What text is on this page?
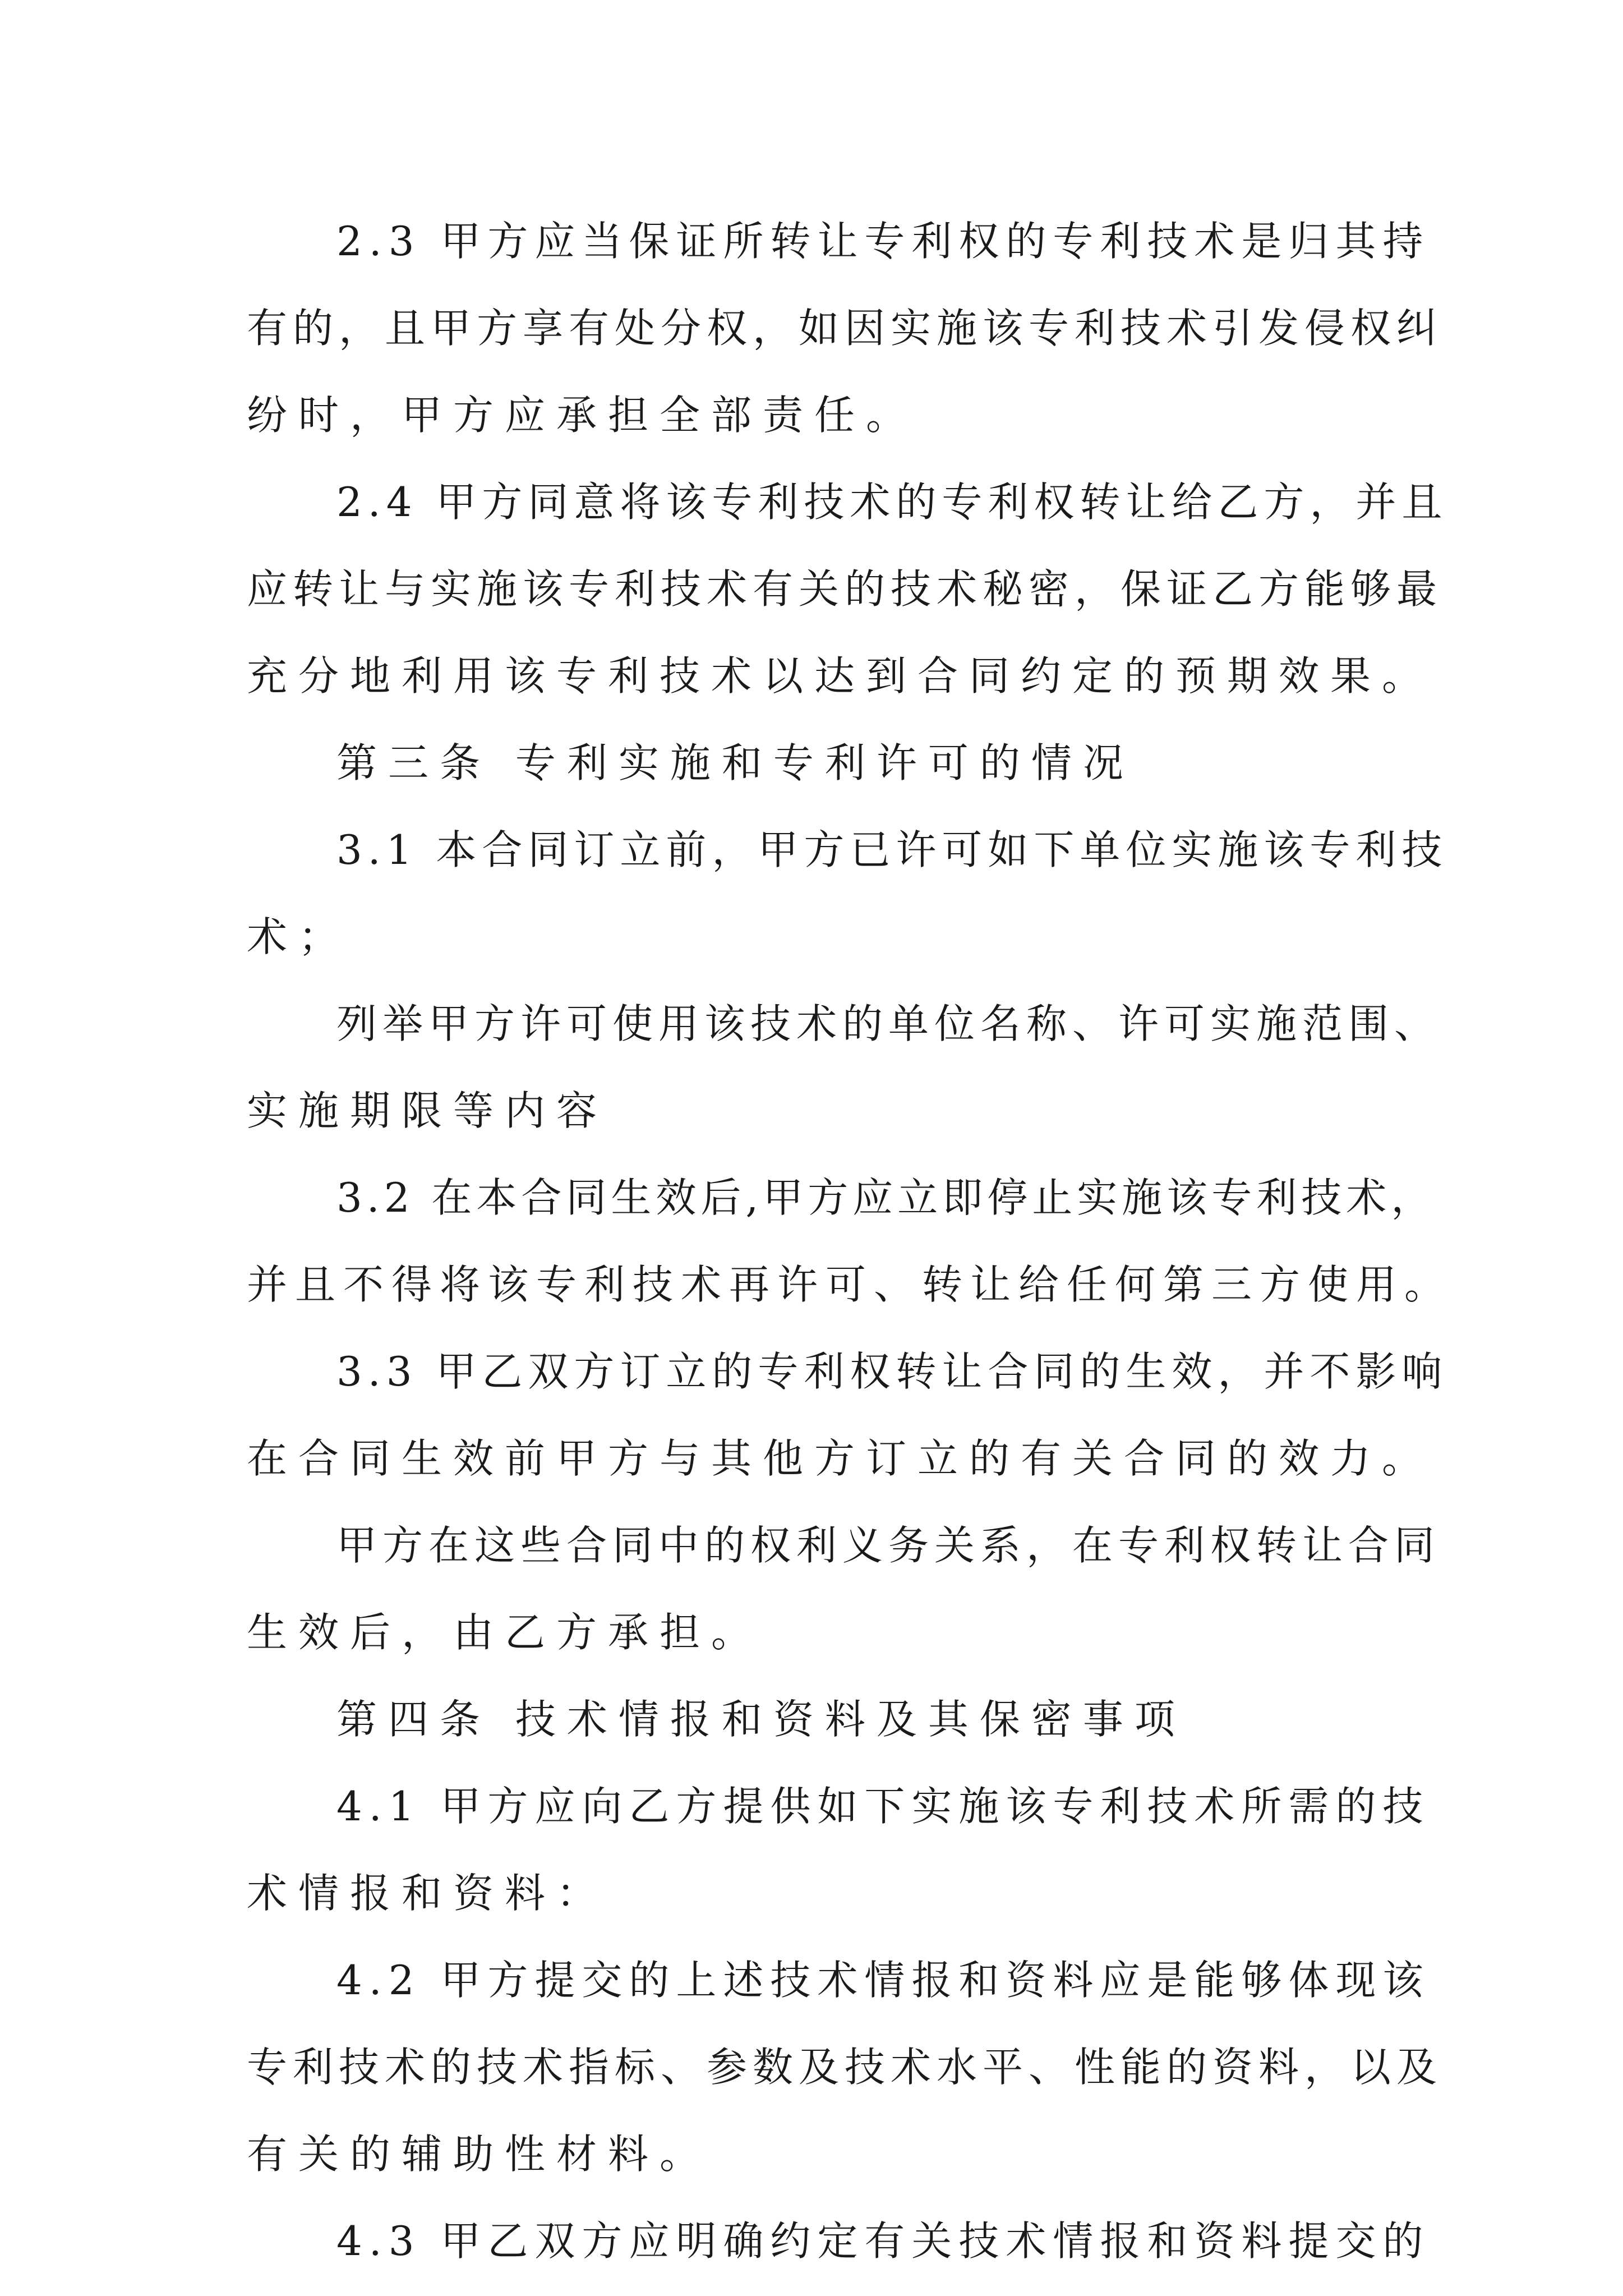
2.3 甲方应当保证所转让专利权的专利技术是归其持
有的，且甲方享有处分权，如因实施该专利技术引发侵权纠
纷时，甲方应承担全部责任。
2.4 甲方同意将该专利技术的专利权转让给乙方，并且
应转让与实施该专利技术有关的技术秘密，保证乙方能够最
充分地利用该专利技术以达到合同约定的预期效果。
第三条 专利实施和专利许可的情况
3.1 本合同订立前，甲方已许可如下单位实施该专利技
术；
列举甲方许可使用该技术的单位名称、许可实施范围、
实施期限等内容
3.2 在本合同生效后,甲方应立即停止实施该专利技术，
并且不得将该专利技术再许可、转让给任何第三方使用。
3.3 甲乙双方订立的专利权转让合同的生效，并不影响
在合同生效前甲方与其他方订立的有关合同的效力。
甲方在这些合同中的权利义务关系，在专利权转让合同
生效后，由乙方承担。
第四条 技术情报和资料及其保密事项
4.1 甲方应向乙方提供如下实施该专利技术所需的技
术情报和资料：
4.2 甲方提交的上述技术情报和资料应是能够体现该
专利技术的技术指标、参数及技术水平、性能的资料，以及
有关的辅助性材料。
4.3 甲乙双方应明确约定有关技术情报和资料提交的
